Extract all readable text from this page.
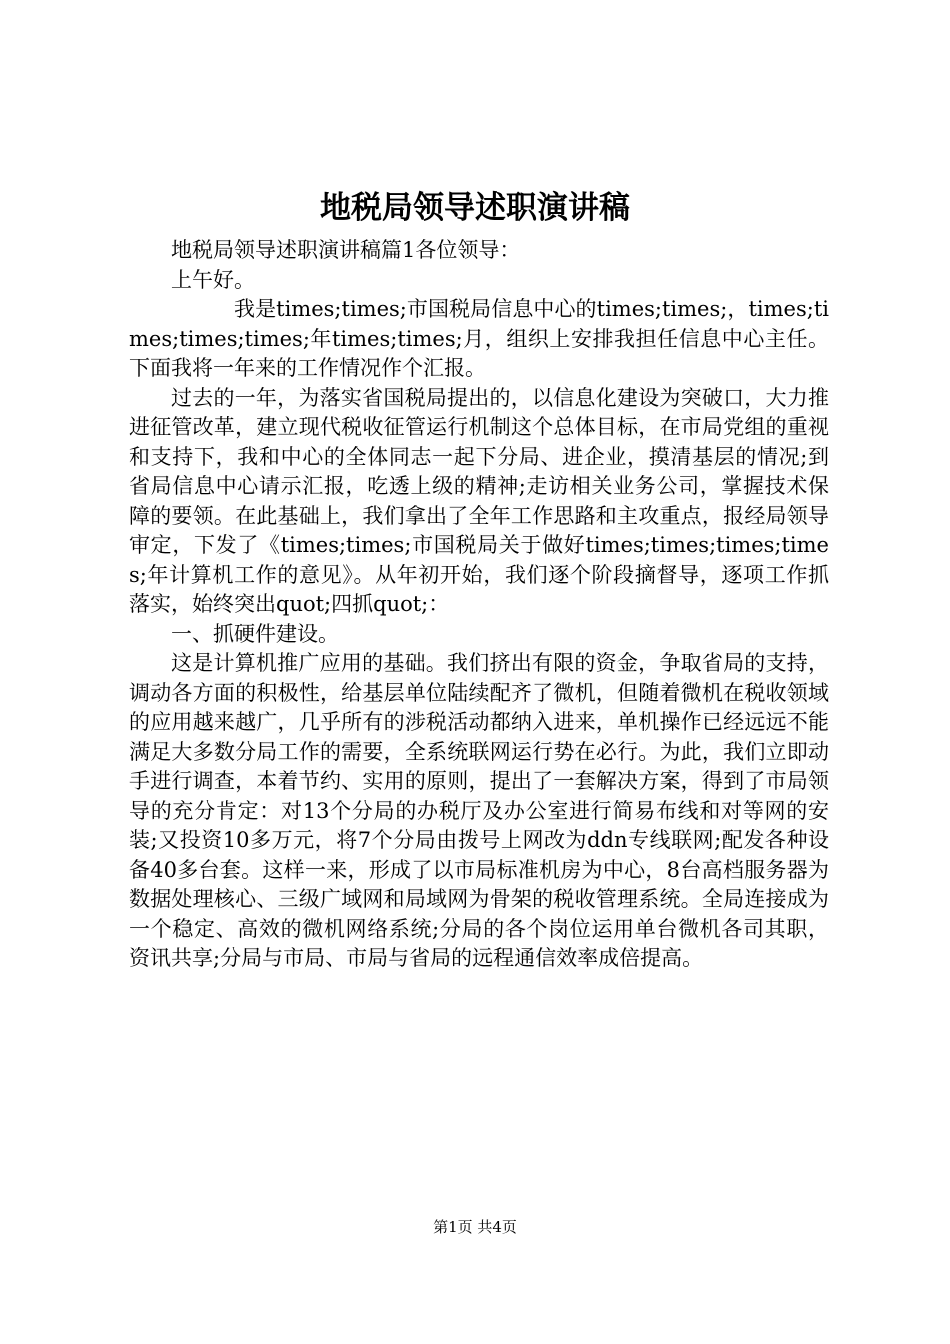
地税局领导述职演讲稿

地税局领导述职演讲稿篇1各位领导：

上午好。

我是times;times;市国税局信息中心的times;times;，times;times;times;times;年times;times;月，组织上安排我担任信息中心主任。下面我将一年来的工作情况作个汇报。

过去的一年，为落实省国税局提出的，以信息化建设为突破口，大力推进征管改革，建立现代税收征管运行机制这个总体目标，在市局党组的重视和支持下，我和中心的全体同志一起下分局、进企业，摸清基层的情况;到省局信息中心请示汇报，吃透上级的精神;走访相关业务公司，掌握技术保障的要领。在此基础上，我们拿出了全年工作思路和主攻重点，报经局领导审定，下发了《times;times;市国税局关于做好times;times;times;times;年计算机工作的意见》。从年初开始，我们逐个阶段摘督导，逐项工作抓落实，始终突出quot;四抓quot;：

一、抓硬件建设。

这是计算机推广应用的基础。我们挤出有限的资金，争取省局的支持，调动各方面的积极性，给基层单位陆续配齐了微机，但随着微机在税收领域的应用越来越广，几乎所有的涉税活动都纳入进来，单机操作已经远远不能满足大多数分局工作的需要，全系统联网运行势在必行。为此，我们立即动手进行调查，本着节约、实用的原则，提出了一套解决方案，得到了市局领导的充分肯定：对13个分局的办税厅及办公室进行简易布线和对等网的安装;又投资10多万元，将7个分局由拨号上网改为ddn专线联网;配发各种设备40多台套。这样一来，形成了以市局标准机房为中心，8台高档服务器为数据处理核心、三级广域网和局域网为骨架的税收管理系统。全局连接成为一个稳定、高效的微机网络系统;分局的各个岗位运用单台微机各司其职，资讯共享;分局与市局、市局与省局的远程通信效率成倍提高。

第1页 共4页
